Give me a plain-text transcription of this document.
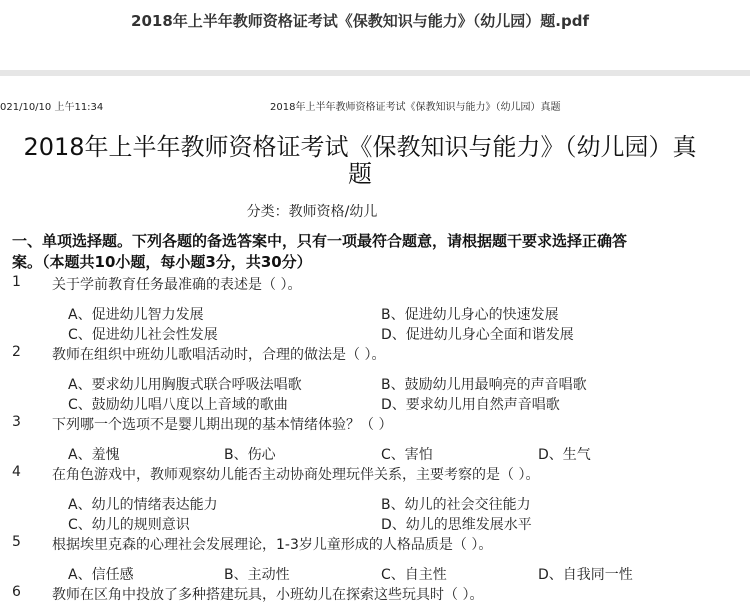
2018年上半年教师资格证考试《保教知识与能力》（幼儿园）题.pdf
021/10/10 上午11:34	2018年上半年教师资格证考试《保教知识与能力》（幼儿园）真题
2018年上半年教师资格证考试《保教知识与能力》（幼儿园）真
题
分类：教师资格/幼儿
一、单项选择题。下列各题的备选答案中，只有一项最符合题意，请根据题干要求选择正确答
案。（本题共10小题，每小题3分，共30分）
1 关于学前教育任务最准确的表述是（ ）。
A、促进幼儿智力发展	B、促进幼儿身心的快速发展
C、促进幼儿社会性发展	D、促进幼儿身心全面和谐发展
2 教师在组织中班幼儿歌唱活动时，合理的做法是（ ）。
A、要求幼儿用胸腹式联合呼吸法唱歌	B、鼓励幼儿用最响亮的声音唱歌
C、鼓励幼儿唱八度以上音域的歌曲	D、要求幼儿用自然声音唱歌
3 下列哪一个选项不是婴儿期出现的基本情绪体验？（ ）
A、羞愧	B、伤心	C、害怕	D、生气
4 在角色游戏中，教师观察幼儿能否主动协商处理玩伴关系，主要考察的是（ ）。
A、幼儿的情绪表达能力	B、幼儿的社会交往能力
C、幼儿的规则意识	D、幼儿的思维发展水平
5 根据埃里克森的心理社会发展理论，1-3岁儿童形成的人格品质是（ ）。
A、信任感	B、主动性	C、自主性	D、自我同一性
6 教师在区角中投放了多种搭建玩具，小班幼儿在探索这些玩具时（ ）。
